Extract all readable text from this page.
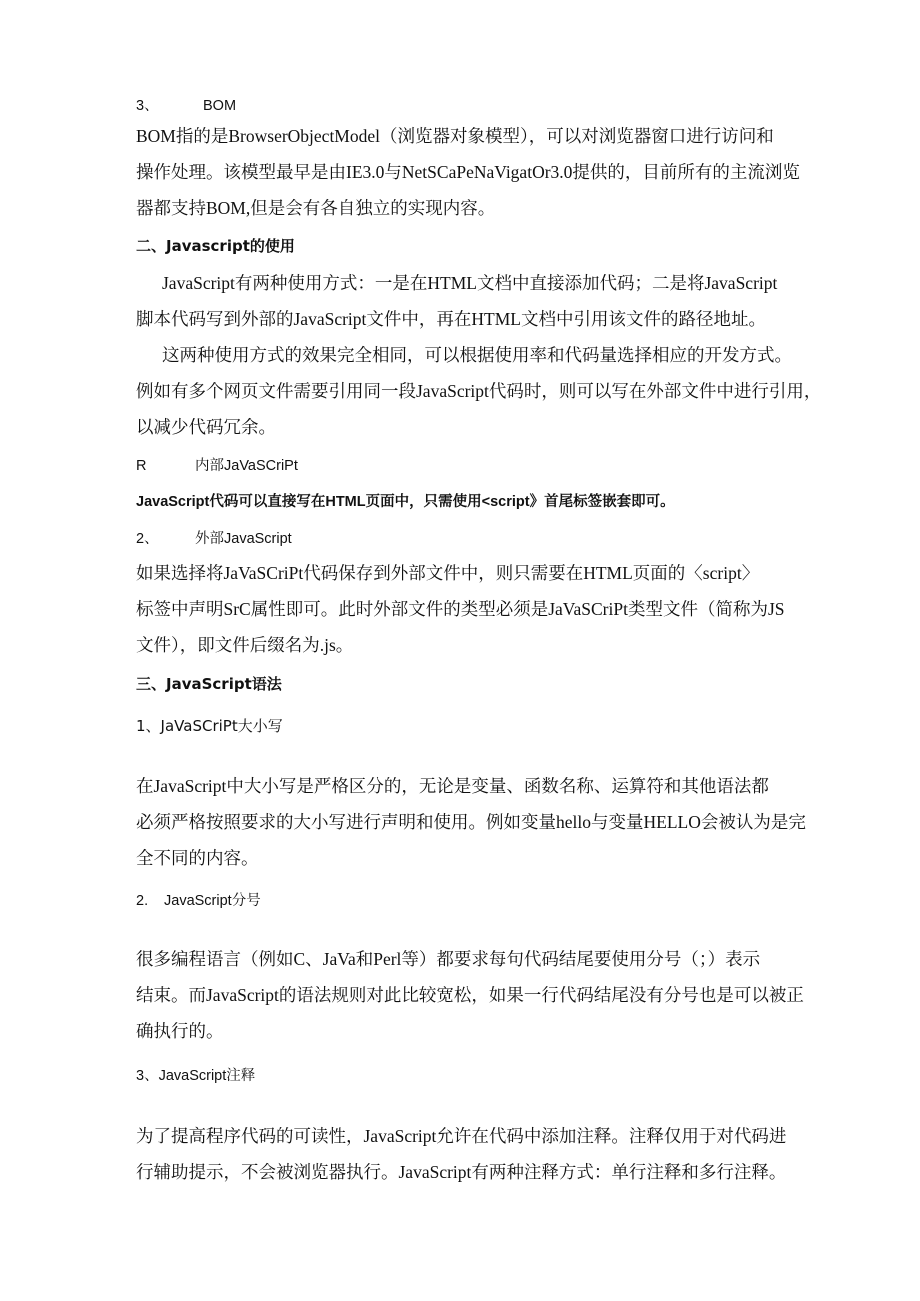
3、	BOM
BOM指的是BrowserObjectModel（浏览器对象模型），可以对浏览器窗口进行访问和
操作处理。该模型最早是由IE3.0与NetSCaPeNaVigatOr3.0提供的，目前所有的主流浏览
器都支持BOM,但是会有各自独立的实现内容。
二、Javascript的使用
JavaScript有两种使用方式：一是在HTML文档中直接添加代码；二是将JavaScript
脚本代码写到外部的JavaScript文件中，再在HTML文档中引用该文件的路径地址。
这两种使用方式的效果完全相同，可以根据使用率和代码量选择相应的开发方式。
例如有多个网页文件需要引用同一段JavaScript代码时，则可以写在外部文件中进行引用，
以减少代码冗余。
R	内部JaVaSCriPt
JavaScript代码可以直接写在HTML页面中，只需使用<script》首尾标签嵌套即可。
2、	外部JavaScript
如果选择将JaVaSCriPt代码保存到外部文件中，则只需要在HTML页面的〈script〉
标签中声明SrC属性即可。此时外部文件的类型必须是JaVaSCriPt类型文件（简称为JS
文件），即文件后缀名为.js。
三、JavaScript语法
1、JaVaSCriPt大小写
在JavaScript中大小写是严格区分的，无论是变量、函数名称、运算符和其他语法都
必须严格按照要求的大小写进行声明和使用。例如变量hello与变量HELLO会被认为是完
全不同的内容。
2. JavaScript分号
很多编程语言（例如C、JaVa和Perl等）都要求每句代码结尾要使用分号（；）表示
结束。而JavaScript的语法规则对此比较宽松，如果一行代码结尾没有分号也是可以被正
确执行的。
3、JavaScript注释
为了提高程序代码的可读性，JavaScript允许在代码中添加注释。注释仅用于对代码进
行辅助提示，不会被浏览器执行。JavaScript有两种注释方式：单行注释和多行注释。
